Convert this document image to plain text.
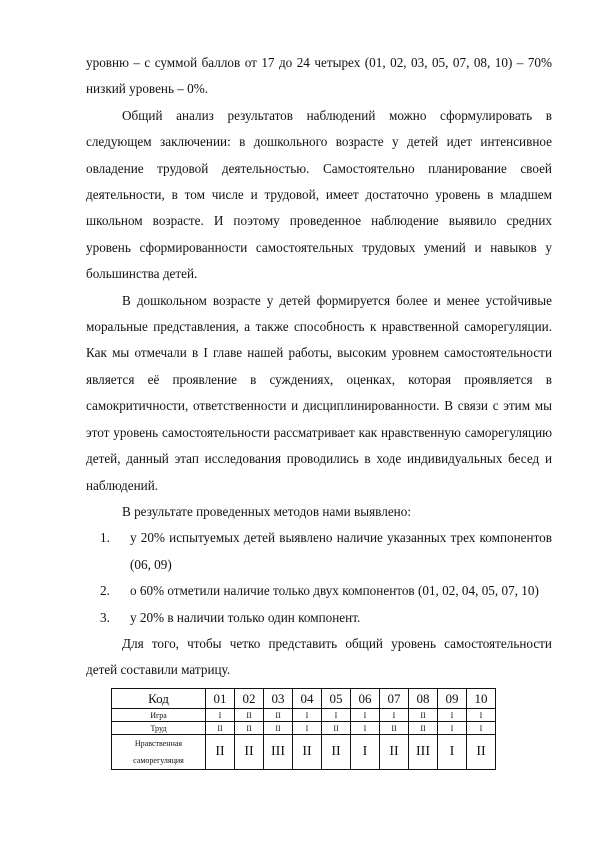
уровню – с суммой баллов от 17 до 24 четырех (01, 02, 03, 05, 07, 08, 10) – 70% низкий уровень – 0%.

Общий анализ результатов наблюдений можно сформулировать в следующем заключении: в дошкольного возрасте у детей идет интенсивное овладение трудовой деятельностью. Самостоятельно планирование своей деятельности, в том числе и трудовой, имеет достаточно уровень в младшем школьном возрасте. И поэтому проведенное наблюдение выявило средних уровень сформированности самостоятельных трудовых умений и навыков у большинства детей.

В дошкольном возрасте у детей формируется более и менее устойчивые моральные представления, а также способность к нравственной саморегуляции. Как мы отмечали в I главе нашей работы, высоким уровнем самостоятельности является её проявление в суждениях, оценках, которая проявляется в самокритичности, ответственности и дисциплинированности. В связи с этим мы этот уровень самостоятельности рассматривает как нравственную саморегуляцию детей, данный этап исследования проводились в ходе индивидуальных бесед и наблюдений.

В результате проведенных методов нами выявлено:

1. у 20% испытуемых детей выявлено наличие указанных трех компонентов (06, 09)
2. о 60% отметили наличие только двух компонентов (01, 02, 04, 05, 07, 10)
3. у 20% в наличии только один компонент.

Для того, чтобы четко представить общий уровень самостоятельности детей составили матрицу.

Код	01	02	03	04	05	06	07	08	09	10
Игра	I	II	II	I	I	I	I	II	I	I
Труд	II	II	II	I	II	I	II	II	I	I
Нравственная саморегуляция	II	II	III	II	II	I	II	III	I	II
